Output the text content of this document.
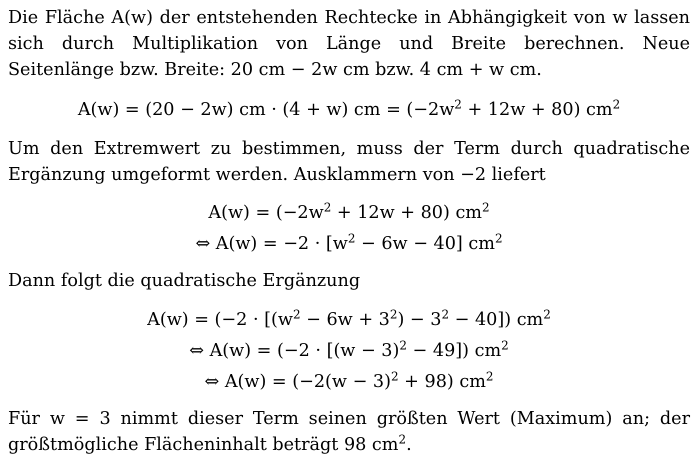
Die Fläche A(w) der entstehenden Rechtecke in Abhängigkeit von w lassen sich durch Multiplikation von Länge und Breite berechnen. Neue Seitenlänge bzw. Breite: 20 cm − 2w cm bzw. 4 cm + w cm.

A(w) = (20 − 2w) cm · (4 + w) cm = $(-2w^2 + 12w + 80)$ $cm^2$

Um den Extremwert zu bestimmen, muss der Term durch quadratische Ergänzung umgeformt werden. Ausklammern von −2 liefert

$A(w) = (-2w^2 + 12w + 80)$ $cm^2$
⇔ $A(w) = -2 \cdot [w^2 - 6w - 40]$ $cm^2$

Dann folgt die quadratische Ergänzung

$A(w) = (-2 \cdot [(w^2 - 6w + 3^2) - 3^2 - 40])$ $cm^2$
⇔ $A(w) = (-2 \cdot [(w - 3)^2 - 49])$ $cm^2$
⇔ $A(w) = (-2(w - 3)^2 + 98)$ $cm^2$

Für w = 3 nimmt dieser Term seinen größten Wert (Maximum) an; der größtmögliche Flächeninhalt beträgt 98 $cm^2$.
